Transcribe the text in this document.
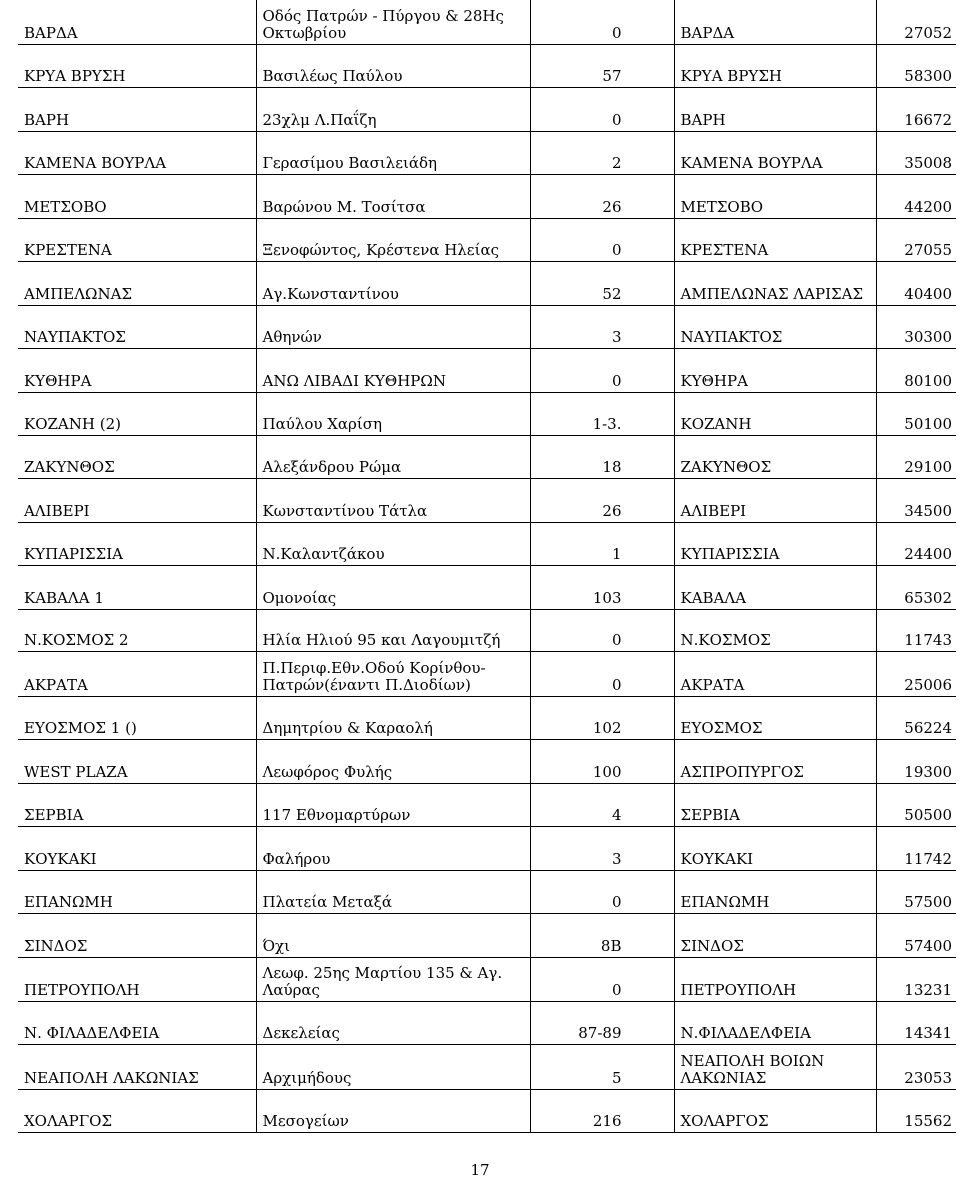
ΒΑΡΔΑ	Οδός Πατρών - Πύργου & 28Ης Οκτωβρίου	0	ΒΑΡΔΑ	27052
ΚΡΥΑ ΒΡΥΣΗ	Βασιλέως Παύλου	57	ΚΡΥΑ ΒΡΥΣΗ	58300
ΒΑΡΗ	23χλμ Λ.Παΐζη	0	ΒΑΡΗ	16672
ΚΑΜΕΝΑ ΒΟΥΡΛΑ	Γερασίμου Βασιλειάδη	2	ΚΑΜΕΝΑ ΒΟΥΡΛΑ	35008
ΜΕΤΣΟΒΟ	Βαρώνου Μ. Τοσίτσα	26	ΜΕΤΣΟΒΟ	44200
ΚΡΕΣΤΕΝΑ	Ξενοφώντος, Κρέστενα Ηλείας	0	ΚΡΕΣΤΕΝΑ	27055
ΑΜΠΕΛΩΝΑΣ	Αγ.Κωνσταντίνου	52	ΑΜΠΕΛΩΝΑΣ ΛΑΡΙΣΑΣ	40400
ΝΑΥΠΑΚΤΟΣ	Αθηνών	3	ΝΑΥΠΑΚΤΟΣ	30300
ΚΥΘΗΡΑ	ΑΝΩ ΛΙΒΑΔΙ ΚΥΘΗΡΩΝ	0	ΚΥΘΗΡΑ	80100
ΚΟΖΑΝΗ (2)	Παύλου Χαρίση	1-3.	ΚΟΖΑΝΗ	50100
ΖΑΚΥΝΘΟΣ	Αλεξάνδρου Ρώμα	18	ΖΑΚΥΝΘΟΣ	29100
ΑΛΙΒΕΡΙ	Κωνσταντίνου Τάτλα	26	ΑΛΙΒΕΡΙ	34500
ΚΥΠΑΡΙΣΣΙΑ	Ν.Καλαντζάκου	1	ΚΥΠΑΡΙΣΣΙΑ	24400
ΚΑΒΑΛΑ 1	Ομονοίας	103	ΚΑΒΑΛΑ	65302
Ν.ΚΟΣΜΟΣ 2	Ηλία Ηλιού 95 και Λαγουμιτζή	0	Ν.ΚΟΣΜΟΣ	11743
ΑΚΡΑΤΑ	Π.Περιφ.Εθν.Οδού Κορίνθου-Πατρών(έναντι Π.Διοδίων)	0	ΑΚΡΑΤΑ	25006
ΕΥΟΣΜΟΣ 1 ()	Δημητρίου & Καραολή	102	ΕΥΟΣΜΟΣ	56224
WEST PLAZA	Λεωφόρος Φυλής	100	ΑΣΠΡΟΠΥΡΓΟΣ	19300
ΣΕΡΒΙΑ	117 Εθνομαρτύρων	4	ΣΕΡΒΙΑ	50500
ΚΟΥΚΑΚΙ	Φαλήρου	3	ΚΟΥΚΑΚΙ	11742
ΕΠΑΝΩΜΗ	Πλατεία Μεταξά	0	ΕΠΑΝΩΜΗ	57500
ΣΙΝΔΟΣ	Όχι	8Β	ΣΙΝΔΟΣ	57400
ΠΕΤΡΟΥΠΟΛΗ	Λεωφ. 25ης Μαρτίου 135 & Αγ. Λαύρας	0	ΠΕΤΡΟΥΠΟΛΗ	13231
Ν. ΦΙΛΑΔΕΛΦΕΙΑ	Δεκελείας	87-89	Ν.ΦΙΛΑΔΕΛΦΕΙΑ	14341
ΝΕΑΠΟΛΗ ΛΑΚΩΝΙΑΣ	Αρχιμήδους	5	ΝΕΑΠΟΛΗ ΒΟΙΩΝ ΛΑΚΩΝΙΑΣ	23053
ΧΟΛΑΡΓΟΣ	Μεσογείων	216	ΧΟΛΑΡΓΟΣ	15562
17
